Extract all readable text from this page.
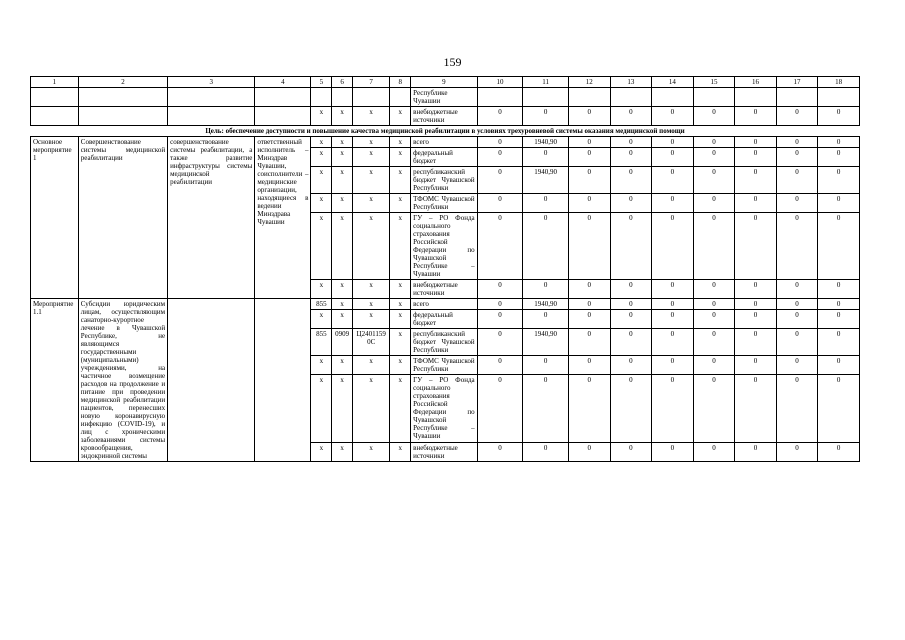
159
1	2	3	4	5	6	7	8	9	10	11	12	13	14	15	16	17	18
								Республике Чувашии									
				x	x	x	x	внебюджетные источники	0	0	0	0	0	0	0	0	0
Цель: обеспечение доступности и повышение качества медицинской реабилитации в условиях трехуровневой системы оказания медицинской помощи																	
Основное мероприятие 1	Совершенствование системы медицинской реабилитации	совершенствование системы реабилитации, а также развитие инфраструктуры системы медицинской реабилитации	ответственный исполнитель – Минздрав Чувашии, соисполнители – медицинские организации, находящиеся в ведении Минздрава Чувашии	x	x	x	x	всего	0	1940,90	0	0	0	0	0	0	0
				x	x	x	x	федеральный бюджет	0	0	0	0	0	0	0	0	0
				x	x	x	x	республиканский бюджет Чувашской Республики	0	1940,90	0	0	0	0	0	0	0
				x	x	x	x	ТФОМС Чувашской Республики	0	0	0	0	0	0	0	0	0
				x	x	x	x	ГУ – РО Фонда социального страхования Российской Федерации по Чувашской Республике – Чувашии	0	0	0	0	0	0	0	0	0
				x	x	x	x	внебюджетные источники	0	0	0	0	0	0	0	0	0
Мероприятие 1.1	Субсидии юридическим лицам, осуществляющим санаторно-курортное лечение в Чувашской Республике, не являющимся государственными (муниципальными) учреждениями, на частичное возмещение расходов на продолжение и питание при проведении медицинской реабилитации пациентов, перенесших новую коронавирусную инфекцию (COVID-19), и лиц с хроническими заболеваниями системы кровообращения, эндокринной системы			855	x	x	x	всего	0	1940,90	0	0	0	0	0	0	0
				x	x	x	x	федеральный бюджет	0	0	0	0	0	0	0	0	0
				855	0909	Ц2401159 0С	x	республиканский бюджет Чувашской Республики	0	1940,90	0	0	0	0	0	0	0
				x	x	x	x	ТФОМС Чувашской Республики	0	0	0	0	0	0	0	0	0
				x	x	x	x	ГУ – РО Фонда социального страхования Российской Федерации по Чувашской Республике – Чувашии	0	0	0	0	0	0	0	0	0
				x	x	x	x	внебюджетные источники	0	0	0	0	0	0	0	0	0
